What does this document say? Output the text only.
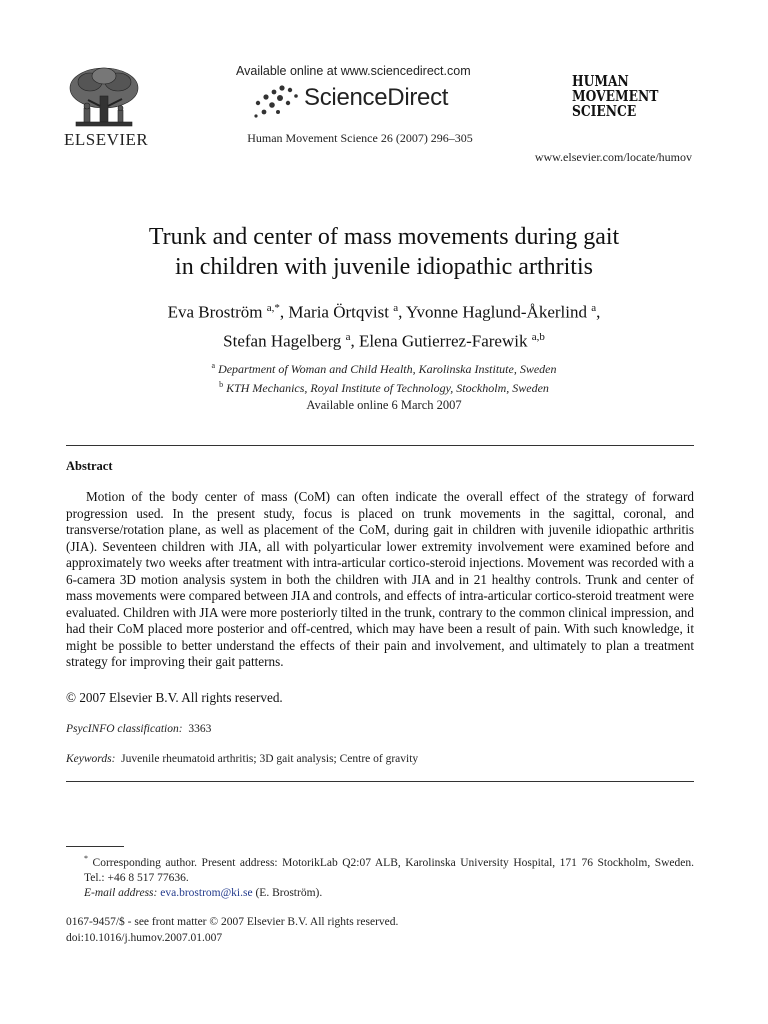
ELSEVIER
Available online at www.sciencedirect.com
ScienceDirect
Human Movement Science 26 (2007) 296–305
HUMAN
MOVEMENT
SCIENCE
www.elsevier.com/locate/humov
Trunk and center of mass movements during gait
in children with juvenile idiopathic arthritis
Eva Broström $^{a,*}$, Maria Örtqvist $^a$, Yvonne Haglund-Åkerlind $^a$,
Stefan Hagelberg $^a$, Elena Gutierrez-Farewik $^{a,b}$
$^a$ Department of Woman and Child Health, Karolinska Institute, Sweden
$^b$ KTH Mechanics, Royal Institute of Technology, Stockholm, Sweden
Available online 6 March 2007
Abstract
Motion of the body center of mass (CoM) can often indicate the overall effect of the strategy of forward progression used. In the present study, focus is placed on trunk movements in the sagittal, coronal, and transverse/rotation plane, as well as placement of the CoM, during gait in children with juvenile idiopathic arthritis (JIA). Seventeen children with JIA, all with polyarticular lower extremity involvement were examined before and approximately two weeks after treatment with intra-articular cortico-steroid injections. Movement was recorded with a 6-camera 3D motion analysis system in both the children with JIA and in 21 healthy controls. Trunk and center of mass movements were compared between JIA and controls, and effects of intra-articular cortico-steroid treatment were evaluated. Children with JIA were more posteriorly tilted in the trunk, contrary to the common clinical impression, and had their CoM placed more posterior and off-centred, which may have been a result of pain. With such knowledge, it might be possible to better understand the effects of their pain and involvement, and ultimately to plan a treatment strategy for improving their gait patterns.
© 2007 Elsevier B.V. All rights reserved.
PsycINFO classification: 3363
Keywords: Juvenile rheumatoid arthritis; 3D gait analysis; Centre of gravity
* Corresponding author. Present address: MotorikLab Q2:07 ALB, Karolinska University Hospital, 171 76 Stockholm, Sweden. Tel.: +46 8 517 77636.
E-mail address: eva.brostrom@ki.se (E. Broström).
0167-9457/$ - see front matter © 2007 Elsevier B.V. All rights reserved.
doi:10.1016/j.humov.2007.01.007
